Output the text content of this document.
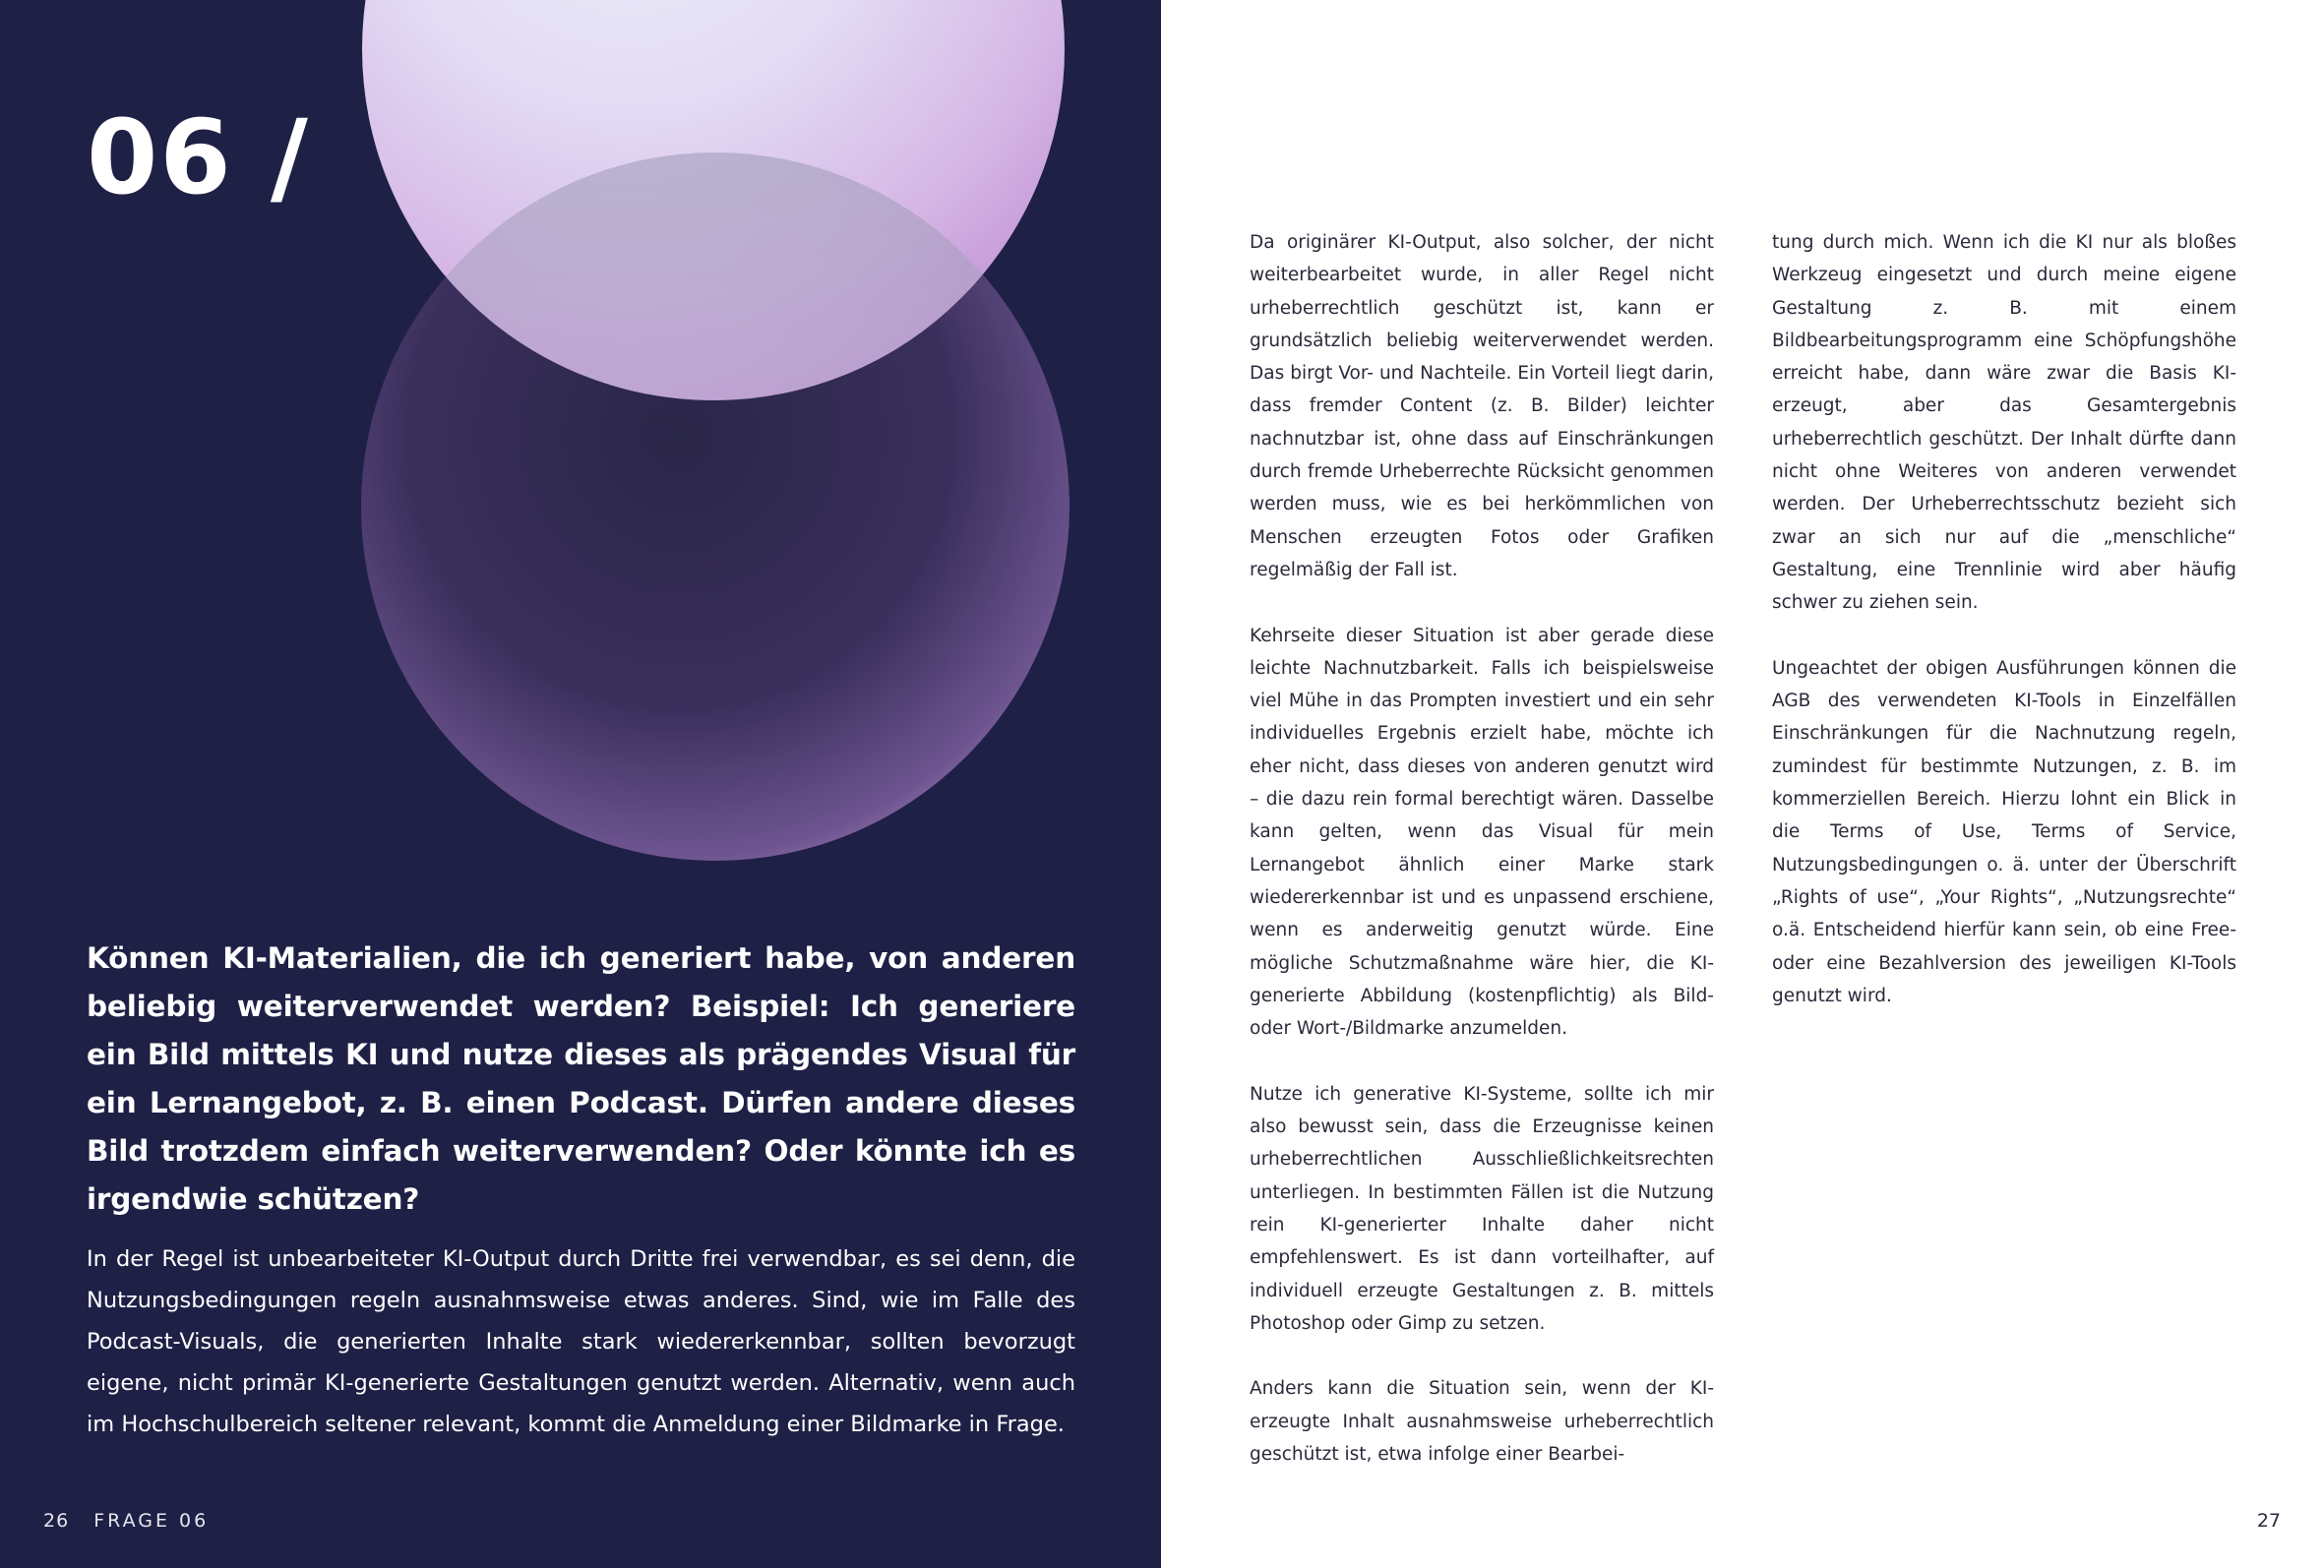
06 /

Können KI-Materialien, die ich generiert habe, von anderen beliebig weiterverwendet werden? Beispiel: Ich generiere ein Bild mittels KI und nutze dieses als prägendes Visual für ein Lernangebot, z. B. einen Podcast. Dürfen andere dieses Bild trotzdem einfach weiterverwenden? Oder könnte ich es irgendwie schützen?

In der Regel ist unbearbeiteter KI-Output durch Dritte frei verwendbar, es sei denn, die Nutzungsbedingungen regeln ausnahmsweise etwas anderes. Sind, wie im Falle des Podcast-Visuals, die generierten Inhalte stark wiedererkennbar, sollten bevorzugt eigene, nicht primär KI-generierte Gestaltungen genutzt werden. Alternativ, wenn auch im Hochschulbereich seltener relevant, kommt die Anmeldung einer Bildmarke in Frage.

26 FRAGE 06

Da originärer KI-Output, also solcher, der nicht weiterbearbeitet wurde, in aller Regel nicht urheberrechtlich geschützt ist, kann er grundsätzlich beliebig weiterverwendet werden. Das birgt Vor- und Nachteile. Ein Vorteil liegt darin, dass fremder Content (z. B. Bilder) leichter nachnutzbar ist, ohne dass auf Einschränkungen durch fremde Urheberrechte Rücksicht genommen werden muss, wie es bei herkömmlichen von Menschen erzeugten Fotos oder Grafiken regelmäßig der Fall ist.

Kehrseite dieser Situation ist aber gerade diese leichte Nachnutzbarkeit. Falls ich beispielsweise viel Mühe in das Prompten investiert und ein sehr individuelles Ergebnis erzielt habe, möchte ich eher nicht, dass dieses von anderen genutzt wird – die dazu rein formal berechtigt wären. Dasselbe kann gelten, wenn das Visual für mein Lernangebot ähnlich einer Marke stark wiedererkennbar ist und es unpassend erschiene, wenn es anderweitig genutzt würde. Eine mögliche Schutzmaßnahme wäre hier, die KI-generierte Abbildung (kostenpflichtig) als Bild- oder Wort-/Bildmarke anzumelden.

Nutze ich generative KI-Systeme, sollte ich mir also bewusst sein, dass die Erzeugnisse keinen urheberrechtlichen Ausschließlichkeitsrechten unterliegen. In bestimmten Fällen ist die Nutzung rein KI-generierter Inhalte daher nicht empfehlenswert. Es ist dann vorteilhafter, auf individuell erzeugte Gestaltungen z. B. mittels Photoshop oder Gimp zu setzen.

Anders kann die Situation sein, wenn der KI-erzeugte Inhalt ausnahmsweise urheberrechtlich geschützt ist, etwa infolge einer Bearbei-

tung durch mich. Wenn ich die KI nur als bloßes Werkzeug eingesetzt und durch meine eigene Gestaltung z. B. mit einem Bildbearbeitungsprogramm eine Schöpfungshöhe erreicht habe, dann wäre zwar die Basis KI-erzeugt, aber das Gesamtergebnis urheberrechtlich geschützt. Der Inhalt dürfte dann nicht ohne Weiteres von anderen verwendet werden. Der Urheberrechtsschutz bezieht sich zwar an sich nur auf die „menschliche“ Gestaltung, eine Trennlinie wird aber häufig schwer zu ziehen sein.

Ungeachtet der obigen Ausführungen können die AGB des verwendeten KI-Tools in Einzelfällen Einschränkungen für die Nachnutzung regeln, zumindest für bestimmte Nutzungen, z. B. im kommerziellen Bereich. Hierzu lohnt ein Blick in die Terms of Use, Terms of Service, Nutzungsbedingungen o. ä. unter der Überschrift „Rights of use“, „Your Rights“, „Nutzungsrechte“ o.ä. Entscheidend hierfür kann sein, ob eine Free- oder eine Bezahlversion des jeweiligen KI-Tools genutzt wird.

27
